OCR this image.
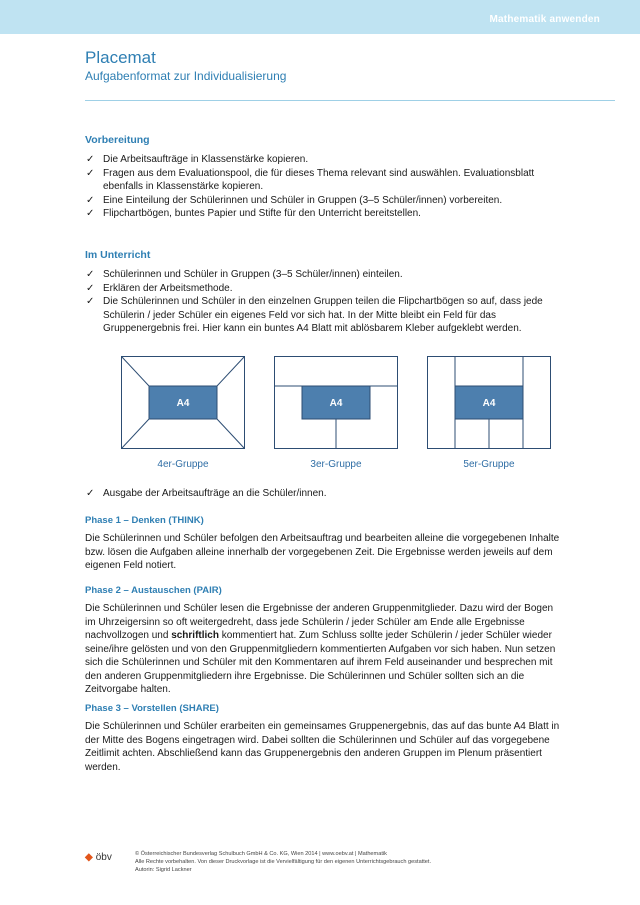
Mathematik anwenden
Placemat
Aufgabenformat zur Individualisierung
Vorbereitung
✓ Die Arbeitsaufträge in Klassenstärke kopieren.
✓ Fragen aus dem Evaluationspool, die für dieses Thema relevant sind auswählen. Evaluationsblatt ebenfalls in Klassenstärke kopieren.
✓ Eine Einteilung der Schülerinnen und Schüler in Gruppen (3–5 Schüler/innen) vorbereiten.
✓ Flipchartbögen, buntes Papier und Stifte für den Unterricht bereitstellen.
Im Unterricht
✓ Schülerinnen und Schüler in Gruppen (3–5 Schüler/innen) einteilen.
✓ Erklären der Arbeitsmethode.
✓ Die Schülerinnen und Schüler in den einzelnen Gruppen teilen die Flipchartbögen so auf, dass jede Schülerin / jeder Schüler ein eigenes Feld vor sich hat. In der Mitte bleibt ein Feld für das Gruppenergebnis frei. Hier kann ein buntes A4 Blatt mit ablösbarem Kleber aufgeklebt werden.
A4
4er-Gruppe
A4
3er-Gruppe
A4
5er-Gruppe
✓ Ausgabe der Arbeitsaufträge an die Schüler/innen.
Phase 1 – Denken (THINK)

Die Schülerinnen und Schüler befolgen den Arbeitsauftrag und bearbeiten alleine die vorgegebenen Inhalte bzw. lösen die Aufgaben alleine innerhalb der vorgegebenen Zeit. Die Ergebnisse werden jeweils auf dem eigenen Feld notiert.

Phase 2 – Austauschen (PAIR)

Die Schülerinnen und Schüler lesen die Ergebnisse der anderen Gruppenmitglieder. Dazu wird der Bogen im Uhrzeigersinn so oft weitergedreht, dass jede Schülerin / jeder Schüler am Ende alle Ergebnisse nachvollzogen und schriftlich kommentiert hat. Zum Schluss sollte jeder Schülerin / jeder Schüler wieder seine/ihre gelösten und von den Gruppenmitgliedern kommentierten Aufgaben vor sich haben. Nun setzen sich die Schülerinnen und Schüler mit den Kommentaren auf ihrem Feld auseinander und besprechen mit den anderen Gruppenmitgliedern ihre Ergebnisse. Die Schülerinnen und Schüler sollten sich an die Zeitvorgabe halten.

Phase 3 – Vorstellen (SHARE)

Die Schülerinnen und Schüler erarbeiten ein gemeinsames Gruppenergebnis, das auf das bunte A4 Blatt in der Mitte des Bogens eingetragen wird. Dabei sollten die Schülerinnen und Schüler auf das vorgegebene Zeitlimit achten. Abschließend kann das Gruppenergebnis den anderen Gruppen im Plenum präsentiert werden.

◆ öbv	© Österreichischer Bundesverlag Schulbuch GmbH & Co. KG, Wien 2014 | www.oebv.at | Mathematik
Alle Rechte vorbehalten. Von dieser Druckvorlage ist die Vervielfältigung für den eigenen Unterrichtsgebrauch gestattet.
Autorin: Sigrid Lackner
